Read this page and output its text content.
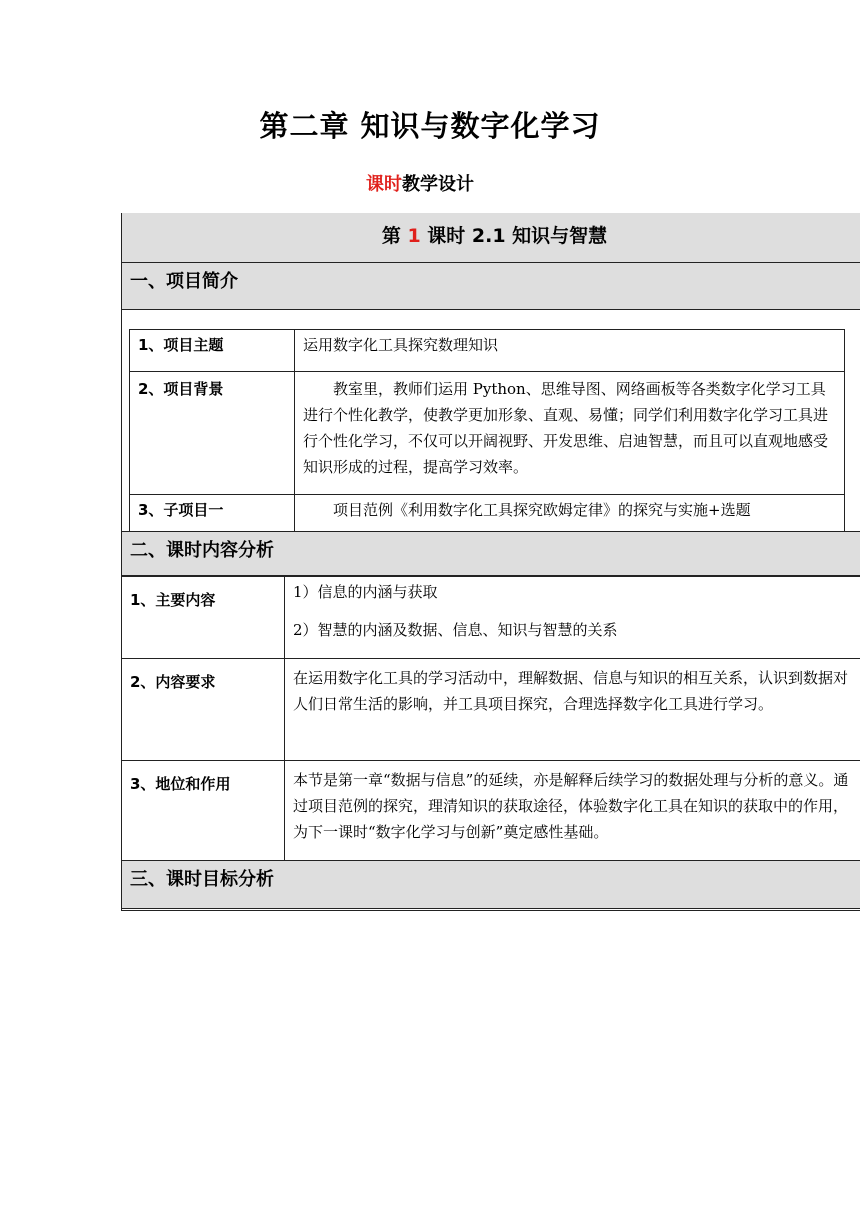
第二章 知识与数字化学习
课时教学设计
第 1 课时 2.1 知识与智慧
一、项目简介
1、项目主题	运用数字化工具探究数理知识
2、项目背景	教室里，教师们运用 Python、思维导图、网络画板等各类数字化学习工具进行个性化教学，使教学更加形象、直观、易懂；同学们利用数字化学习工具进行个性化学习，不仅可以开阔视野、开发思维、启迪智慧，而且可以直观地感受知识形成的过程，提高学习效率。

3、子项目一	项目范例《利用数字化工具探究欧姆定律》的探究与实施+选题

二、课时内容分析
1、主要内容	1）信息的内涵与获取

2）智慧的内涵及数据、信息、知识与智慧的关系

2、内容要求	在运用数字化工具的学习活动中，理解数据、信息与知识的相互关系，认识到数据对人们日常生活的影响，并工具项目探究，合理选择数字化工具进行学习。
3、地位和作用	本节是第一章“数据与信息”的延续，亦是解释后续学习的数据处理与分析的意义。通过项目范例的探究，理清知识的获取途径，体验数字化工具在知识的获取中的作用，为下一课时“数字化学习与创新”奠定感性基础。
三、课时目标分析
